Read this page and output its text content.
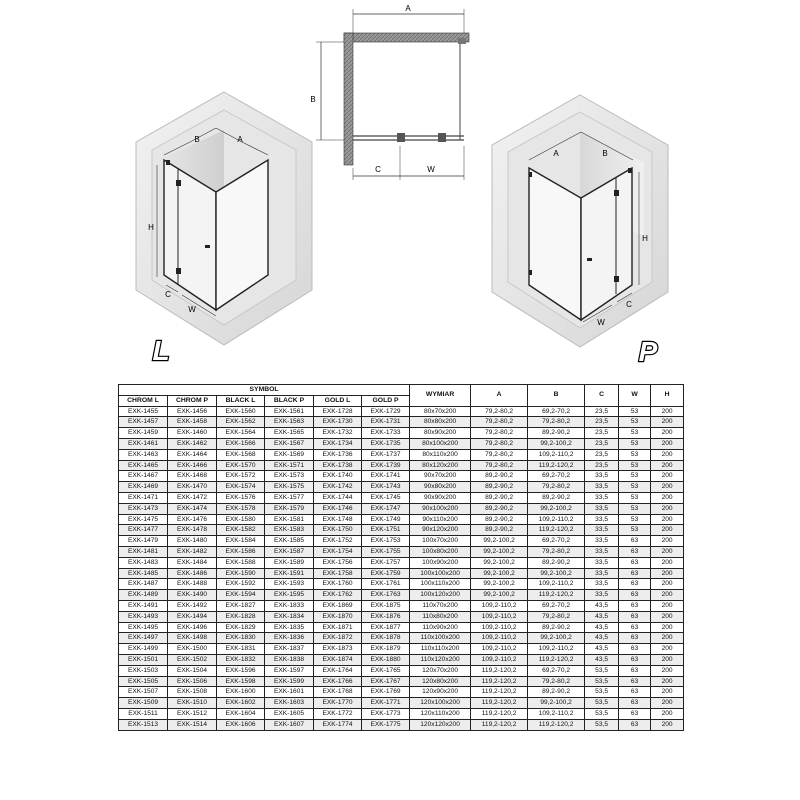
A
B
C	W
B	A
H
C
W
L
A	B
H
W
C
P
SYMBOL						WYMIAR	A	B	C	W	H
CHROM L	CHROM P	BLACK L	BLACK P	GOLD L	GOLD P						
EXK-1455	EXK-1456	EXK-1560	EXK-1561	EXK-1728	EXK-1729	80x70x200	79,2-80,2	69,2-70,2	23,5	53	200
EXK-1457	EXK-1458	EXK-1562	EXK-1563	EXK-1730	EXK-1731	80x80x200	79,2-80,2	79,2-80,2	23,5	53	200
EXK-1459	EXK-1460	EXK-1564	EXK-1565	EXK-1732	EXK-1733	80x90x200	79,2-80,2	89,2-90,2	23,5	53	200
EXK-1461	EXK-1462	EXK-1566	EXK-1567	EXK-1734	EXK-1735	80x100x200	79,2-80,2	99,2-100,2	23,5	53	200
EXK-1463	EXK-1464	EXK-1568	EXK-1569	EXK-1736	EXK-1737	80x110x200	79,2-80,2	109,2-110,2	23,5	53	200
EXK-1465	EXK-1466	EXK-1570	EXK-1571	EXK-1738	EXK-1739	80x120x200	79,2-80,2	119,2-120,2	23,5	53	200
EXK-1467	EXK-1468	EXK-1572	EXK-1573	EXK-1740	EXK-1741	90x70x200	89,2-90,2	69,2-70,2	33,5	53	200
EXK-1469	EXK-1470	EXK-1574	EXK-1575	EXK-1742	EXK-1743	90x80x200	89,2-90,2	79,2-80,2	33,5	53	200
EXK-1471	EXK-1472	EXK-1576	EXK-1577	EXK-1744	EXK-1745	90x90x200	89,2-90,2	89,2-90,2	33,5	53	200
EXK-1473	EXK-1474	EXK-1578	EXK-1579	EXK-1746	EXK-1747	90x100x200	89,2-90,2	99,2-100,2	33,5	53	200
EXK-1475	EXK-1476	EXK-1580	EXK-1581	EXK-1748	EXK-1749	90x110x200	89,2-90,2	109,2-110,2	33,5	53	200
EXK-1477	EXK-1478	EXK-1582	EXK-1583	EXK-1750	EXK-1751	90x120x200	89,2-90,2	119,2-120,2	33,5	53	200
EXK-1479	EXK-1480	EXK-1584	EXK-1585	EXK-1752	EXK-1753	100x70x200	99,2-100,2	69,2-70,2	33,5	63	200
EXK-1481	EXK-1482	EXK-1586	EXK-1587	EXK-1754	EXK-1755	100x80x200	99,2-100,2	79,2-80,2	33,5	63	200
EXK-1483	EXK-1484	EXK-1588	EXK-1589	EXK-1756	EXK-1757	100x90x200	99,2-100,2	89,2-90,2	33,5	63	200
EXK-1485	EXK-1486	EXK-1590	EXK-1591	EXK-1758	EXK-1759	100x100x200	99,2-100,2	99,2-100,2	33,5	63	200
EXK-1487	EXK-1488	EXK-1592	EXK-1593	EXK-1760	EXK-1761	100x110x200	99,2-100,2	109,2-110,2	33,5	63	200
EXK-1489	EXK-1490	EXK-1594	EXK-1595	EXK-1762	EXK-1763	100x120x200	99,2-100,2	119,2-120,2	33,5	63	200
EXK-1491	EXK-1492	EXK-1827	EXK-1833	EXK-1869	EXK-1875	110x70x200	109,2-110,2	69,2-70,2	43,5	63	200
EXK-1493	EXK-1494	EXK-1828	EXK-1834	EXK-1870	EXK-1876	110x80x200	109,2-110,2	79,2-80,2	43,5	63	200
EXK-1495	EXK-1496	EXK-1829	EXK-1835	EXK-1871	EXK-1877	110x90x200	109,2-110,2	89,2-90,2	43,5	63	200
EXK-1497	EXK-1498	EXK-1830	EXK-1836	EXK-1872	EXK-1878	110x100x200	109,2-110,2	99,2-100,2	43,5	63	200
EXK-1499	EXK-1500	EXK-1831	EXK-1837	EXK-1873	EXK-1879	110x110x200	109,2-110,2	109,2-110,2	43,5	63	200
EXK-1501	EXK-1502	EXK-1832	EXK-1838	EXK-1874	EXK-1880	110x120x200	109,2-110,2	119,2-120,2	43,5	63	200
EXK-1503	EXK-1504	EXK-1596	EXK-1597	EXK-1764	EXK-1765	120x70x200	119,2-120,2	69,2-70,2	53,5	63	200
EXK-1505	EXK-1506	EXK-1598	EXK-1599	EXK-1766	EXK-1767	120x80x200	119,2-120,2	79,2-80,2	53,5	63	200
EXK-1507	EXK-1508	EXK-1600	EXK-1601	EXK-1768	EXK-1769	120x90x200	119,2-120,2	89,2-90,2	53,5	63	200
EXK-1509	EXK-1510	EXK-1602	EXK-1603	EXK-1770	EXK-1771	120x100x200	119,2-120,2	99,2-100,2	53,5	63	200
EXK-1511	EXK-1512	EXK-1604	EXK-1605	EXK-1772	EXK-1773	120x110x200	119,2-120,2	109,2-110,2	53,5	63	200
EXK-1513	EXK-1514	EXK-1606	EXK-1607	EXK-1774	EXK-1775	120x120x200	119,2-120,2	119,2-120,2	53,5	63	200
